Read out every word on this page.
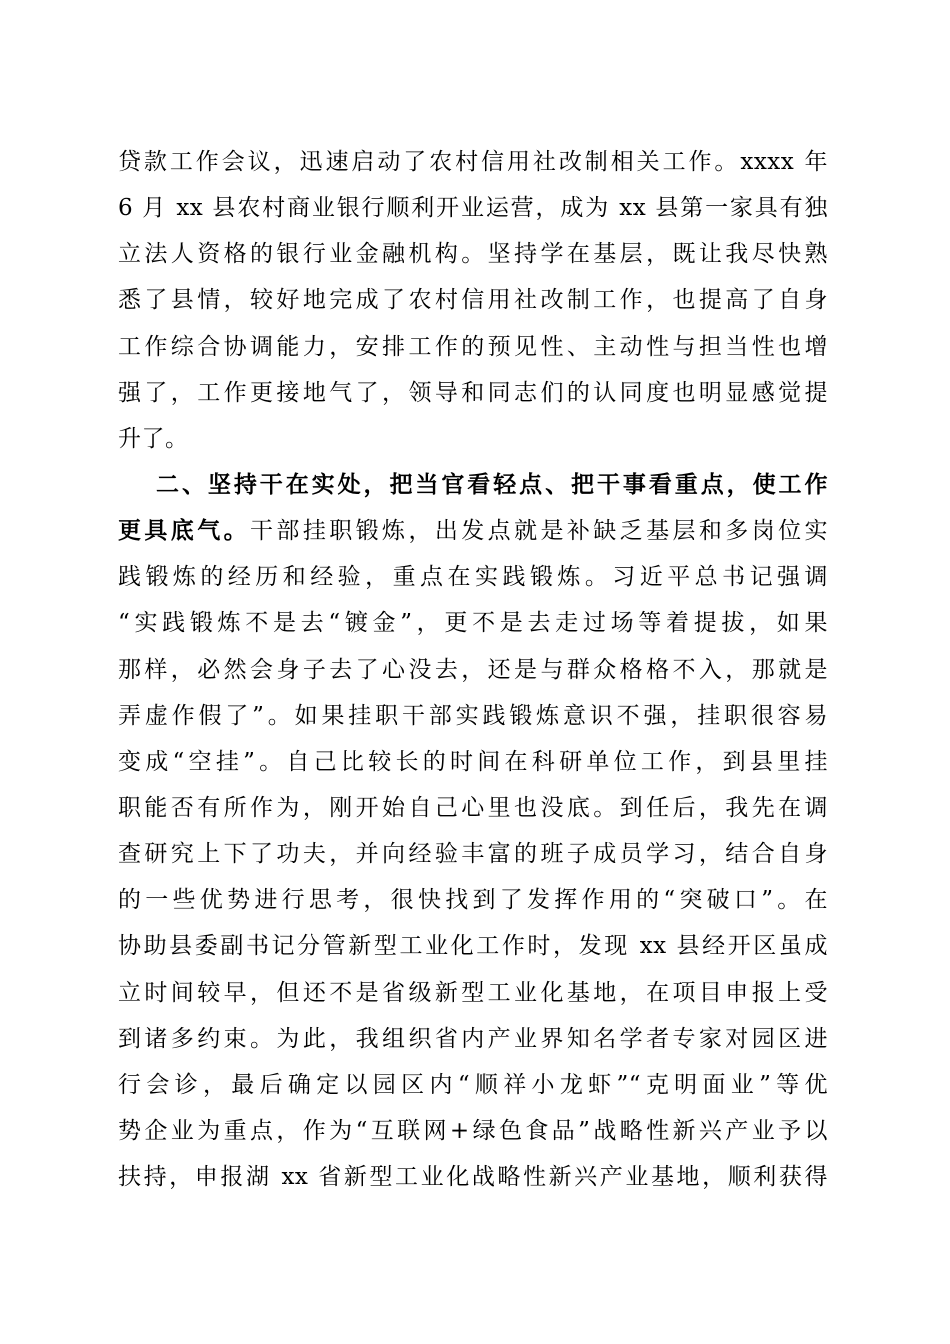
贷款工作会议，迅速启动了农村信用社改制相关工作。xxxx 年
6 月 xx 县农村商业银行顺利开业运营，成为 xx 县第一家具有独
立法人资格的银行业金融机构。坚持学在基层，既让我尽快熟
悉了县情，较好地完成了农村信用社改制工作，也提高了自身
工作综合协调能力，安排工作的预见性、主动性与担当性也增
强了，工作更接地气了，领导和同志们的认同度也明显感觉提
升了。
二、坚持干在实处，把当官看轻点、把干事看重点，使工作
更具底气。干部挂职锻炼，出发点就是补缺乏基层和多岗位实
践锻炼的经历和经验，重点在实践锻炼。习近平总书记强调
“实践锻炼不是去“镀金”，更不是去走过场等着提拔，如果
那样，必然会身子去了心没去，还是与群众格格不入，那就是
弄虚作假了”。如果挂职干部实践锻炼意识不强，挂职很容易
变成“空挂”。自己比较长的时间在科研单位工作，到县里挂
职能否有所作为，刚开始自己心里也没底。到任后，我先在调
查研究上下了功夫，并向经验丰富的班子成员学习，结合自身
的一些优势进行思考，很快找到了发挥作用的“突破口”。在
协助县委副书记分管新型工业化工作时，发现 xx 县经开区虽成
立时间较早，但还不是省级新型工业化基地，在项目申报上受
到诸多约束。为此，我组织省内产业界知名学者专家对园区进
行会诊，最后确定以园区内“顺祥小龙虾”“克明面业”等优
势企业为重点，作为“互联网+绿色食品”战略性新兴产业予以
扶持，申报湖 xx 省新型工业化战略性新兴产业基地，顺利获得
